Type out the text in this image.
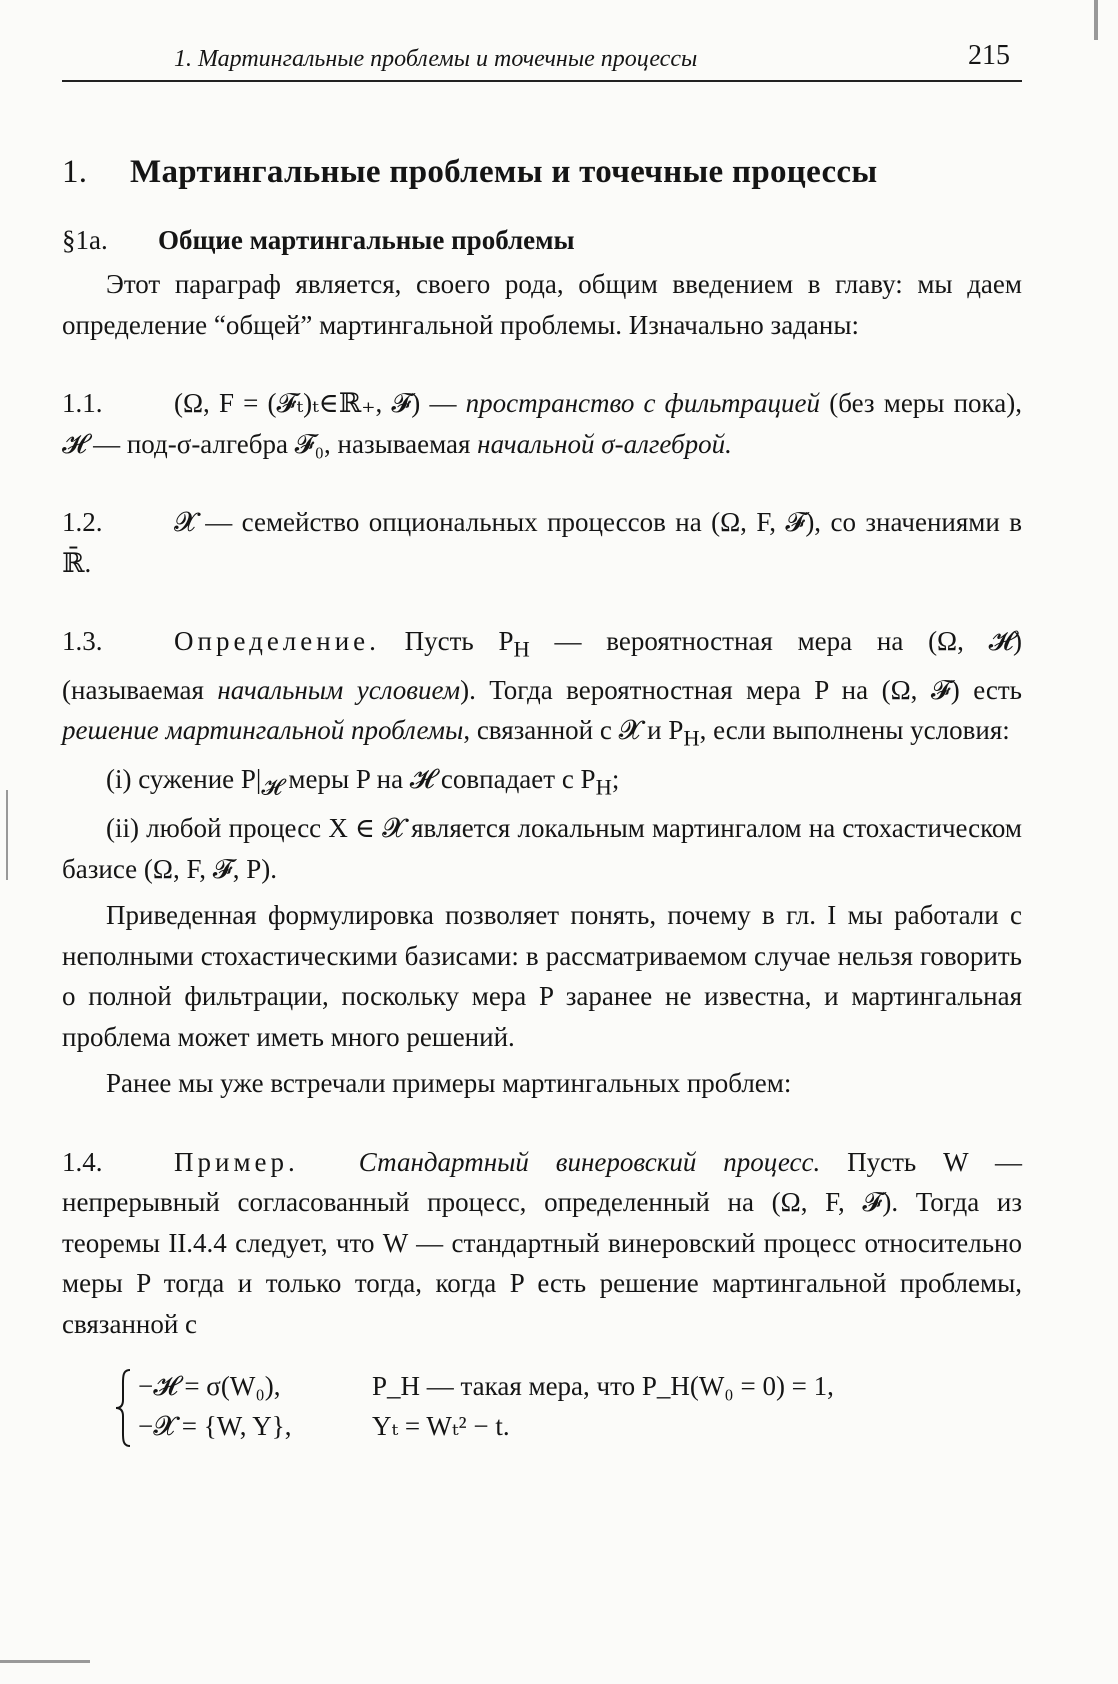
1. Мартингальные проблемы и точечные процессы	215
1. Мартингальные проблемы и точечные процессы
§1a. Общие мартингальные проблемы

Этот параграф является, своего рода, общим введением в главу: мы даем определение “общей” мартингальной проблемы. Изначально заданы:

1.1.	(Ω, F = (𝓕ₜ)ₜ∈ℝ₊, 𝓕) — пространство с фильтрацией (без меры пока), 𝓗 — под-σ-алгебра 𝓕₀, называемая начальной σ-алгеброй.

1.2.	𝓧 — семейство опциональных процессов на (Ω, F, 𝓕), со значениями в ℝ̄.

1.3.	Определение. Пусть $P_H$ — вероятностная мера на (Ω, 𝓗) (называемая начальным условием). Тогда вероятностная мера P на (Ω, 𝓕) есть решение мартингальной проблемы, связанной с 𝓧 и $P_H$, если выполнены условия:

(i) сужение $P|_𝓗$ меры P на 𝓗 совпадает с $P_H$;

(ii) любой процесс X ∈ 𝓧 является локальным мартингалом на стохастическом базисе (Ω, F, 𝓕, P).

Приведенная формулировка позволяет понять, почему в гл. I мы работали с неполными стохастическими базисами: в рассматриваемом случае нельзя говорить о полной фильтрации, поскольку мера P заранее не известна, и мартингальная проблема может иметь много решений.

Ранее мы уже встречали примеры мартингальных проблем:

1.4.	Пример. Стандартный винеровский процесс. Пусть W — непрерывный согласованный процесс, определенный на (Ω, F, 𝓕). Тогда из теоремы II.4.4 следует, что W — стандартный винеровский процесс относительно меры P тогда и только тогда, когда P есть решение мартингальной проблемы, связанной с

−𝓗 = σ(W₀),	P_H — такая мера, что P_H(W₀ = 0) = 1,
−𝓧 = {W, Y},	Yₜ = Wₜ² − t.
